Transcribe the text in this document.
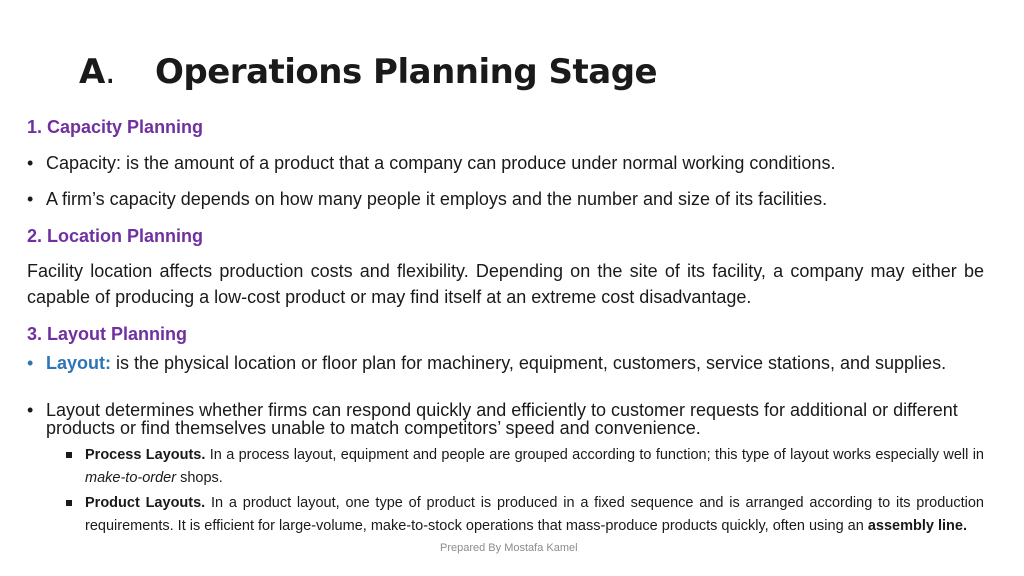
A. Operations Planning Stage
1. Capacity Planning
• Capacity: is the amount of a product that a company can produce under normal working conditions.
• A firm’s capacity depends on how many people it employs and the number and size of its facilities.
2. Location Planning

Facility location affects production costs and flexibility. Depending on the site of its facility, a company may either be capable of producing a low-cost product or may find itself at an extreme cost disadvantage.

3. Layout Planning
• Layout: is the physical location or floor plan for machinery, equipment, customers, service stations, and supplies.
• Layout determines whether firms can respond quickly and efficiently to customer requests for additional or different products or find themselves unable to match competitors’ speed and convenience.
Process Layouts. In a process layout, equipment and people are grouped according to function; this type of layout works especially well in make-to-order shops.
Product Layouts. In a product layout, one type of product is produced in a fixed sequence and is arranged according to its production requirements. It is efficient for large-volume, make-to-stock operations that mass-produce products quickly, often using an assembly line.
Prepared By Mostafa Kamel
